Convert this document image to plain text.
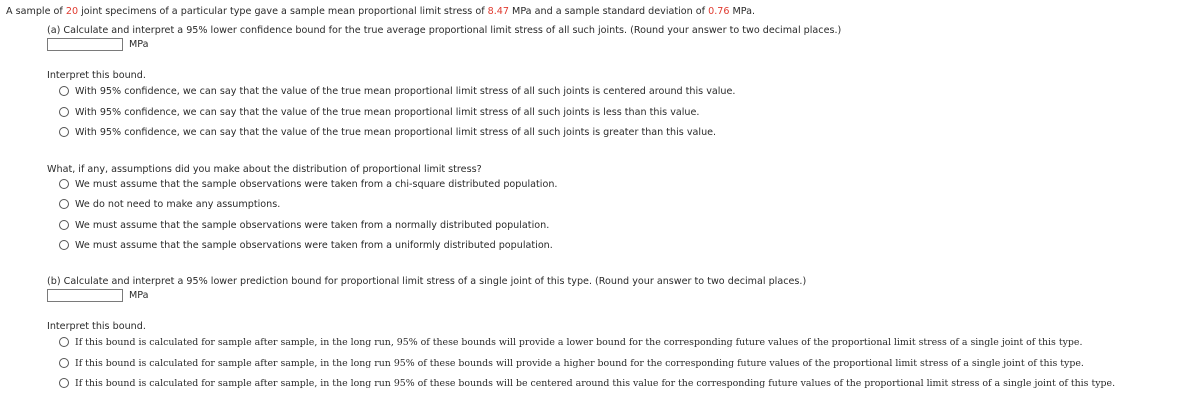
A sample of 20 joint specimens of a particular type gave a sample mean proportional limit stress of 8.47 MPa and a sample standard deviation of 0.76 MPa.
(a) Calculate and interpret a 95% lower confidence bound for the true average proportional limit stress of all such joints. (Round your answer to two decimal places.)
MPa
Interpret this bound.
With 95% confidence, we can say that the value of the true mean proportional limit stress of all such joints is centered around this value.
With 95% confidence, we can say that the value of the true mean proportional limit stress of all such joints is less than this value.
With 95% confidence, we can say that the value of the true mean proportional limit stress of all such joints is greater than this value.
What, if any, assumptions did you make about the distribution of proportional limit stress?
We must assume that the sample observations were taken from a chi-square distributed population.
We do not need to make any assumptions.
We must assume that the sample observations were taken from a normally distributed population.
We must assume that the sample observations were taken from a uniformly distributed population.
(b) Calculate and interpret a 95% lower prediction bound for proportional limit stress of a single joint of this type. (Round your answer to two decimal places.)
MPa
Interpret this bound.
If this bound is calculated for sample after sample, in the long run, 95% of these bounds will provide a lower bound for the corresponding future values of the proportional limit stress of a single joint of this type.
If this bound is calculated for sample after sample, in the long run 95% of these bounds will provide a higher bound for the corresponding future values of the proportional limit stress of a single joint of this type.
If this bound is calculated for sample after sample, in the long run 95% of these bounds will be centered around this value for the corresponding future values of the proportional limit stress of a single joint of this type.
